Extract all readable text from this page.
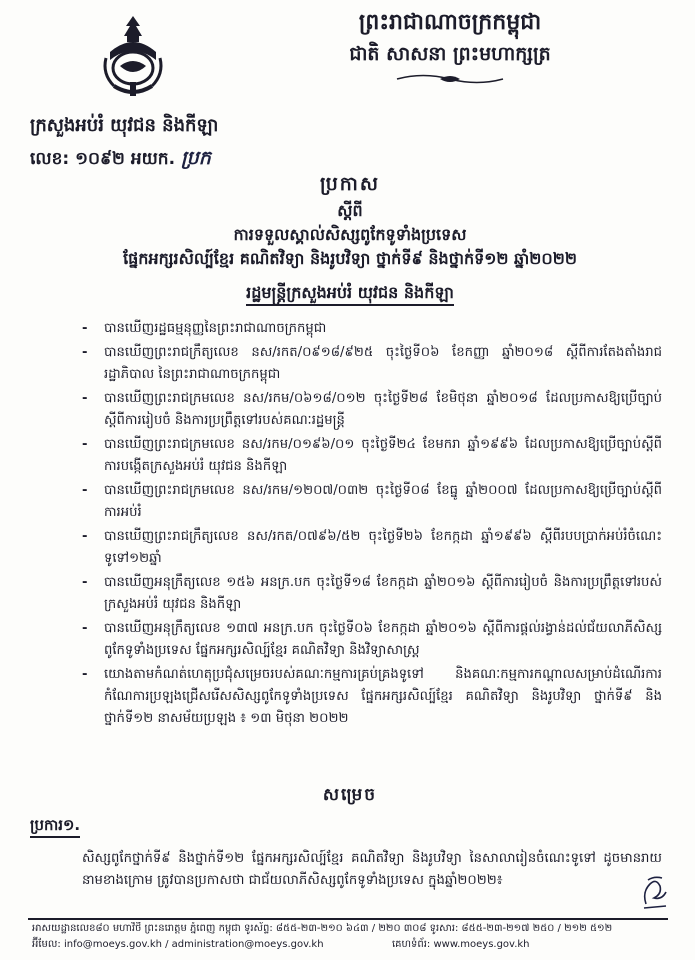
ព្រះរាជាណាចក្រកម្ពុជា
ជាតិ សាសនា ព្រះមហាក្សត្រ
ក្រសួងអប់រំ យុវជន និងកីឡា
លេខ: ១០៩២ អយក. ប្រក
ប្រកាស
ស្តីពី
ការទទួលស្គាល់សិស្សពូកែទូទាំងប្រទេស
ផ្នែកអក្សរសិល្ប៍ខ្មែរ គណិតវិទ្យា និងរូបវិទ្យា ថ្នាក់ទី៩ និងថ្នាក់ទី១២ ឆ្នាំ២០២២
រដ្ឋមន្ត្រីក្រសួងអប់រំ យុវជន និងកីឡា
- បានឃើញរដ្ឋធម្មនុញ្ញនៃព្រះរាជាណាចក្រកម្ពុជា
- បានឃើញព្រះរាជក្រឹត្យលេខ នស/រកត/០៩១៨/៩២៥ ចុះថ្ងៃទី០៦ ខែកញ្ញា ឆ្នាំ២០១៨ ស្តីពីការតែងតាំងរាជរដ្ឋាភិបាល នៃព្រះរាជាណាចក្រកម្ពុជា
- បានឃើញព្រះរាជក្រមលេខ នស/រកម/០៦១៨/០១២ ចុះថ្ងៃទី២៨ ខែមិថុនា ឆ្នាំ២០១៨ ដែលប្រកាសឱ្យប្រើច្បាប់ស្តីពីការរៀបចំ និងការប្រព្រឹត្តទៅរបស់គណៈរដ្ឋមន្ត្រី
- បានឃើញព្រះរាជក្រមលេខ នស/រកម/០១៩៦/០១ ចុះថ្ងៃទី២៤ ខែមករា ឆ្នាំ១៩៩៦ ដែលប្រកាសឱ្យប្រើច្បាប់ស្តីពីការបង្កើតក្រសួងអប់រំ យុវជន និងកីឡា
- បានឃើញព្រះរាជក្រមលេខ នស/រកម/១២០៧/០៣២ ចុះថ្ងៃទី០៨ ខែធ្នូ ឆ្នាំ២០០៧ ដែលប្រកាសឱ្យប្រើច្បាប់ស្តីពីការអប់រំ
- បានឃើញព្រះរាជក្រឹត្យលេខ នស/រកត/០៧៩៦/៥២ ចុះថ្ងៃទី២៦ ខែកក្កដា ឆ្នាំ១៩៩៦ ស្តីពីរបបប្រាក់អប់រំចំណេះទូទៅ១២ឆ្នាំ
- បានឃើញអនុក្រឹត្យលេខ ១៥៦ អនក្រ.បក ចុះថ្ងៃទី១៨ ខែកក្កដា ឆ្នាំ២០១៦ ស្តីពីការរៀបចំ និងការប្រព្រឹត្តទៅរបស់ក្រសួងអប់រំ យុវជន និងកីឡា
- បានឃើញអនុក្រឹត្យលេខ ១៣៧ អនក្រ.បក ចុះថ្ងៃទី០៦ ខែកក្កដា ឆ្នាំ២០១៦ ស្តីពីការផ្តល់រង្វាន់ដល់ជ័យលាភីសិស្សពូកែទូទាំងប្រទេស ផ្នែកអក្សរសិល្ប៍ខ្មែរ គណិតវិទ្យា និងវិទ្យាសាស្ត្រ
- យោងតាមកំណត់ហេតុប្រជុំសម្រេចរបស់គណៈកម្មការគ្រប់គ្រងទូទៅ និងគណៈកម្មការកណ្ដាលសម្រាប់ដំណើរការកំណែការប្រឡងជ្រើសរើសសិស្សពូកែទូទាំងប្រទេស ផ្នែកអក្សរសិល្ប៍ខ្មែរ គណិតវិទ្យា និងរូបវិទ្យា ថ្នាក់ទី៩ និងថ្នាក់ទី១២ នាសម័យប្រឡង ៖ ១៣ មិថុនា ២០២២
សម្រេច
ប្រការ១.
សិស្សពូកែថ្នាក់ទី៩ និងថ្នាក់ទី១២ ផ្នែកអក្សរសិល្ប៍ខ្មែរ គណិតវិទ្យា និងរូបវិទ្យា នៃសាលារៀនចំណេះទូទៅ ដូចមានរាយនាមខាងក្រោម ត្រូវបានប្រកាសថា ជាជ័យលាភីសិស្សពូកែទូទាំងប្រទេស ក្នុងឆ្នាំ២០២២៖
អាសយដ្ឋានលេខ៨០ មហាវិថី ព្រះនរោត្តម ភ្នំពេញ កម្ពុជា ទូរស័ព្ទ: ៨៥៥-២៣-២១០ ៦៤៣ / ២២០ ៣០៨ ទូរសារ: ៨៥៥-២៣-២១៧ ២៥០ / ២១២ ៥១២
អ៊ីមែល: info@moeys.gov.kh / administration@moeys.gov.kh	គេហទំព័រ: www.moeys.gov.kh
